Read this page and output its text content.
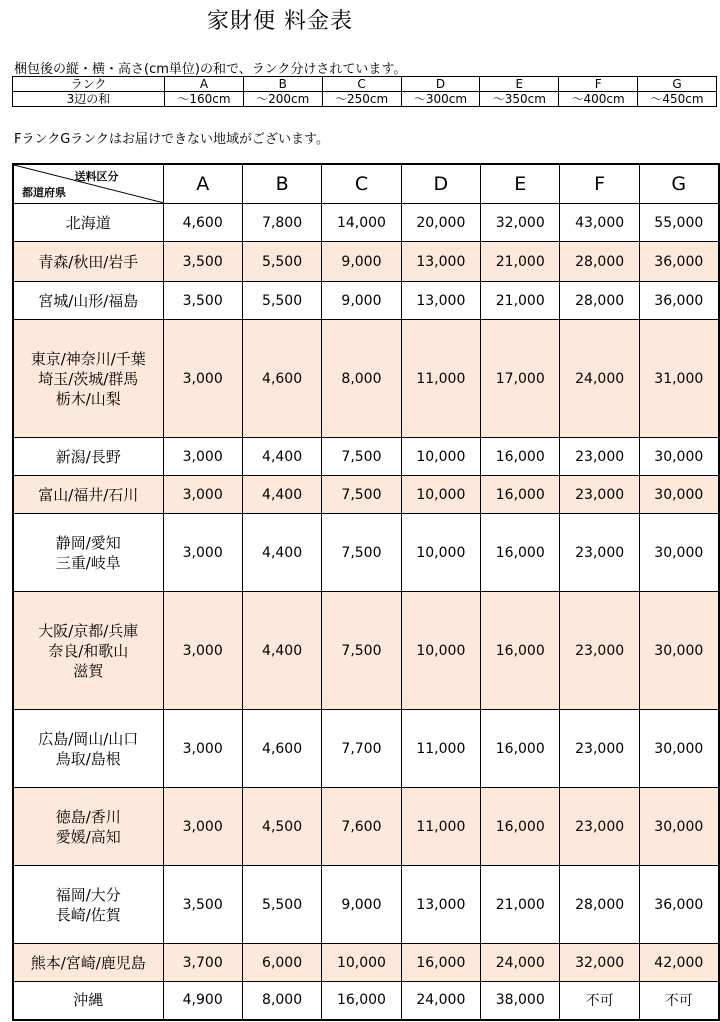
家財便 料金表
梱包後の縦・横・高さ(cm単位)の和で、ランク分けされています。
ランク	A	B	C	D	E	F	G
3辺の和	～160cm	～200cm	～250cm	～300cm	～350cm	～400cm	～450cm
FランクGランクはお届けできない地域がございます。
送料区分
都道府県	A	B	C	D	E	F	G

北海道	4,600	7,800	14,000	20,000	32,000	43,000	55,000

青森/秋田/岩手	3,500	5,500	9,000	13,000	21,000	28,000	36,000

宮城/山形/福島	3,500	5,500	9,000	13,000	21,000	28,000	36,000

東京/神奈川/千葉
埼玉/茨城/群馬
栃木/山梨	3,000	4,600	8,000	11,000	17,000	24,000	31,000

新潟/長野	3,000	4,400	7,500	10,000	16,000	23,000	30,000

富山/福井/石川	3,000	4,400	7,500	10,000	16,000	23,000	30,000

静岡/愛知
三重/岐阜	3,000	4,400	7,500	10,000	16,000	23,000	30,000

大阪/京都/兵庫
奈良/和歌山
滋賀	3,000	4,400	7,500	10,000	16,000	23,000	30,000

広島/岡山/山口
鳥取/島根	3,000	4,600	7,700	11,000	16,000	23,000	30,000

徳島/香川
愛媛/高知	3,000	4,500	7,600	11,000	16,000	23,000	30,000

福岡/大分
長崎/佐賀	3,500	5,500	9,000	13,000	21,000	28,000	36,000

熊本/宮崎/鹿児島	3,700	6,000	10,000	16,000	24,000	32,000	42,000

沖縄	4,900	8,000	16,000	24,000	38,000	不可	不可
